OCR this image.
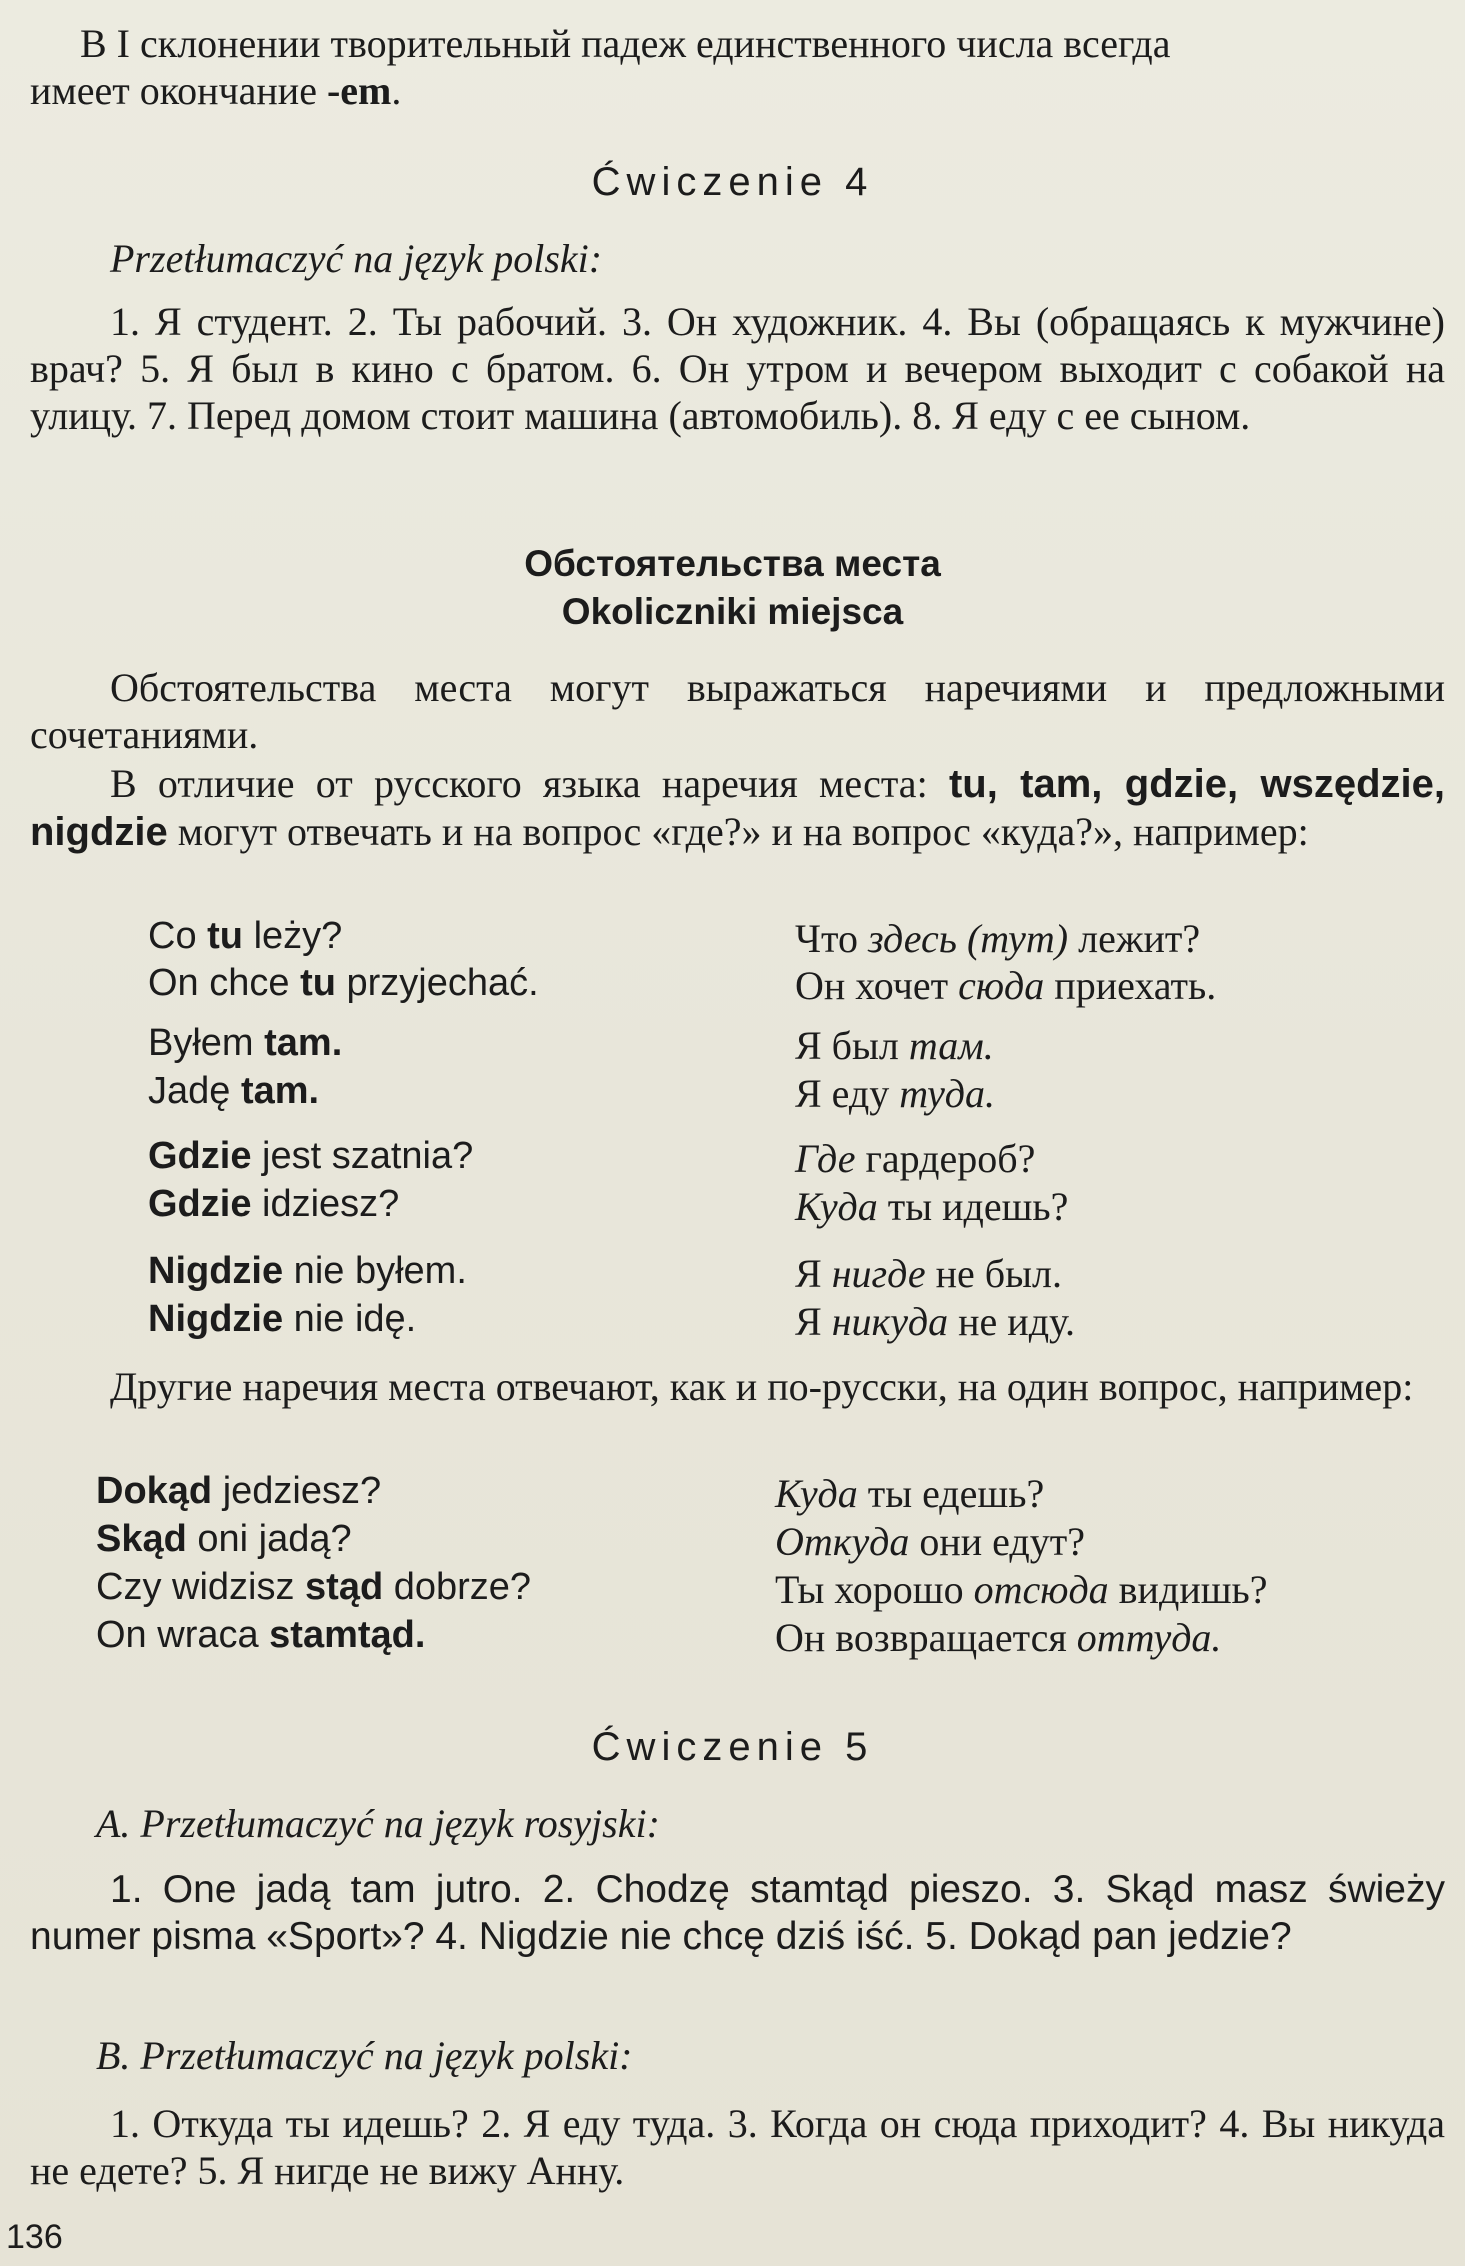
В I склонении творительный падеж единственного числа всегда
имеет окончание -em.

Ćwiczenie 4
Przetłumaczyć na język polski:

1. Я студент. 2. Ты рабочий. 3. Он художник. 4. Вы (обращаясь к мужчине) врач? 5. Я был в кино с братом. 6. Он утром и вечером выходит с собакой на улицу. 7. Перед домом стоит машина (автомобиль). 8. Я еду с ее сыном.

Обстоятельства места
Okoliczniki miejsca

Обстоятельства места могут выражаться наречиями и предложными сочетаниями.

В отличие от русского языка наречия места: tu, tam, gdzie, wszędzie, nigdzie могут отвечать и на вопрос «где?» и на вопрос «куда?», например:

Co tu leży?	Что здесь (тут) лежит?
On chce tu przyjechać.	Он хочет сюда приехать.
Byłem tam.	Я был там.
Jadę tam.	Я еду туда.
Gdzie jest szatnia?	Где гардероб?
Gdzie idziesz?	Куда ты идешь?
Nigdzie nie byłem.	Я нигде не был.
Nigdzie nie idę.	Я никуда не иду.

Другие наречия места отвечают, как и по-русски, на один вопрос, например:

Dokąd jedziesz?	Куда ты едешь?
Skąd oni jadą?	Откуда они едут?
Czy widzisz stąd dobrze?	Ты хорошо отсюда видишь?
On wraca stamtąd.	Он возвращается оттуда.
Ćwiczenie 5
A. Przetłumaczyć na język rosyjski:

1. One jadą tam jutro. 2. Chodzę stamtąd pieszo. 3. Skąd masz świeży numer pisma «Sport»? 4. Nigdzie nie chcę dziś iść. 5. Dokąd pan jedzie?

B. Przetłumaczyć na język polski:

1. Откуда ты идешь? 2. Я еду туда. 3. Когда он сюда приходит? 4. Вы никуда не едете? 5. Я нигде не вижу Анну.

136
